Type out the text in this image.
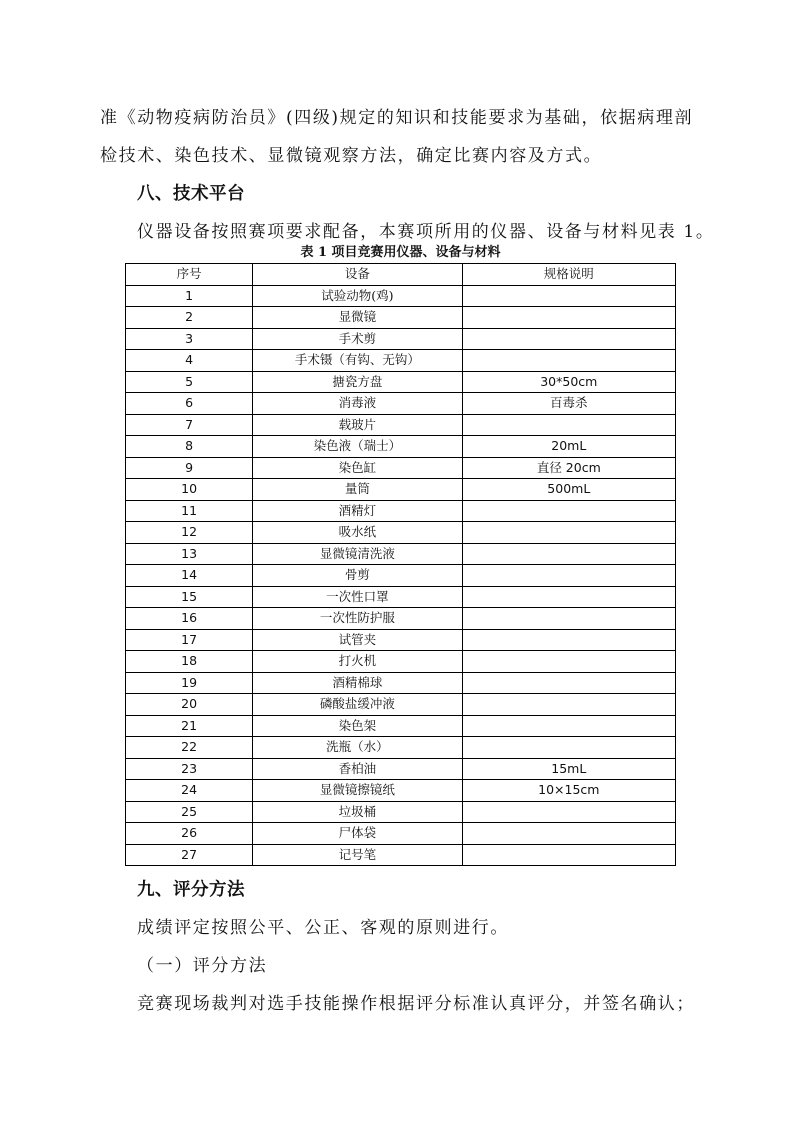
准《动物疫病防治员》(四级)规定的知识和技能要求为基础，依据病理剖
检技术、染色技术、显微镜观察方法，确定比赛内容及方式。
八、技术平台
仪器设备按照赛项要求配备，本赛项所用的仪器、设备与材料见表 1。
表 1 项目竞赛用仪器、设备与材料
序号	设备	规格说明
1	试验动物(鸡)	
2	显微镜	
3	手术剪	
4	手术镊（有钩、无钩）	
5	搪瓷方盘	30*50cm
6	消毒液	百毒杀
7	载玻片	
8	染色液（瑞士）	20mL
9	染色缸	直径 20cm
10	量筒	500mL
11	酒精灯	
12	吸水纸	
13	显微镜清洗液	
14	骨剪	
15	一次性口罩	
16	一次性防护服	
17	试管夹	
18	打火机	
19	酒精棉球	
20	磷酸盐缓冲液	
21	染色架	
22	洗瓶（水）	
23	香柏油	15mL
24	显微镜擦镜纸	10×15cm
25	垃圾桶	
26	尸体袋	
27	记号笔	
九、评分方法
成绩评定按照公平、公正、客观的原则进行。
（一）评分方法
竞赛现场裁判对选手技能操作根据评分标准认真评分，并签名确认；
